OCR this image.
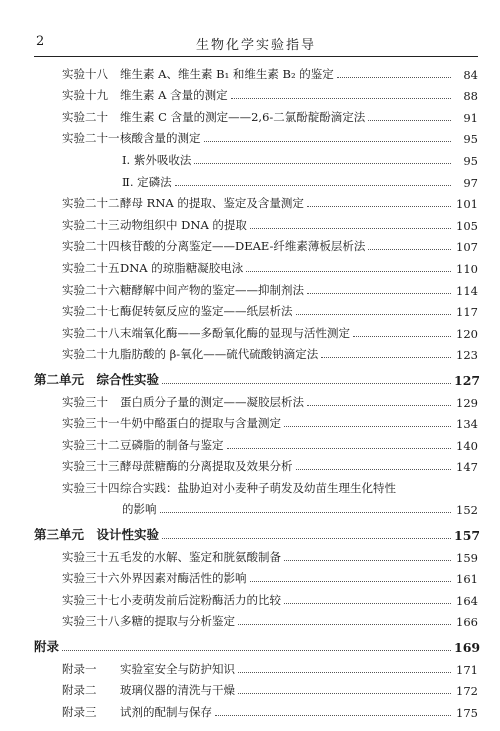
2	生物化学实验指导
实验十八	维生素 A、维生素 B₁ 和维生素 B₂ 的鉴定	84
实验十九	维生素 A 含量的测定	88
实验二十	维生素 C 含量的测定——2,6-二氯酚靛酚滴定法	91
实验二十一 核酸含量的测定	95
Ⅰ. 紫外吸收法	95
Ⅱ. 定磷法	97
实验二十二 酵母 RNA 的提取、鉴定及含量测定	101
实验二十三 动物组织中 DNA 的提取	105
实验二十四 核苷酸的分离鉴定——DEAE-纤维素薄板层析法	107
实验二十五 DNA 的琼脂糖凝胶电泳	110
实验二十六 糖酵解中间产物的鉴定——抑制剂法	114
实验二十七 酶促转氨反应的鉴定——纸层析法	117
实验二十八 末端氧化酶——多酚氧化酶的显现与活性测定	120
实验二十九 脂肪酸的 β-氧化——硫代硫酸钠滴定法	123
第二单元　综合性实验	127
实验三十	蛋白质分子量的测定——凝胶层析法	129
实验三十一 牛奶中酪蛋白的提取与含量测定	134
实验三十二 豆磷脂的制备与鉴定	140
实验三十三 酵母蔗糖酶的分离提取及效果分析	147
实验三十四 综合实践：盐胁迫对小麦种子萌发及幼苗生理生化特性
的影响	152
第三单元　设计性实验	157
实验三十五 毛发的水解、鉴定和胱氨酸制备	159
实验三十六 外界因素对酶活性的影响	161
实验三十七 小麦萌发前后淀粉酶活力的比较	164
实验三十八 多糖的提取与分析鉴定	166
附录	169
附录一	实验室安全与防护知识	171
附录二	玻璃仪器的清洗与干燥	172
附录三	试剂的配制与保存	175
